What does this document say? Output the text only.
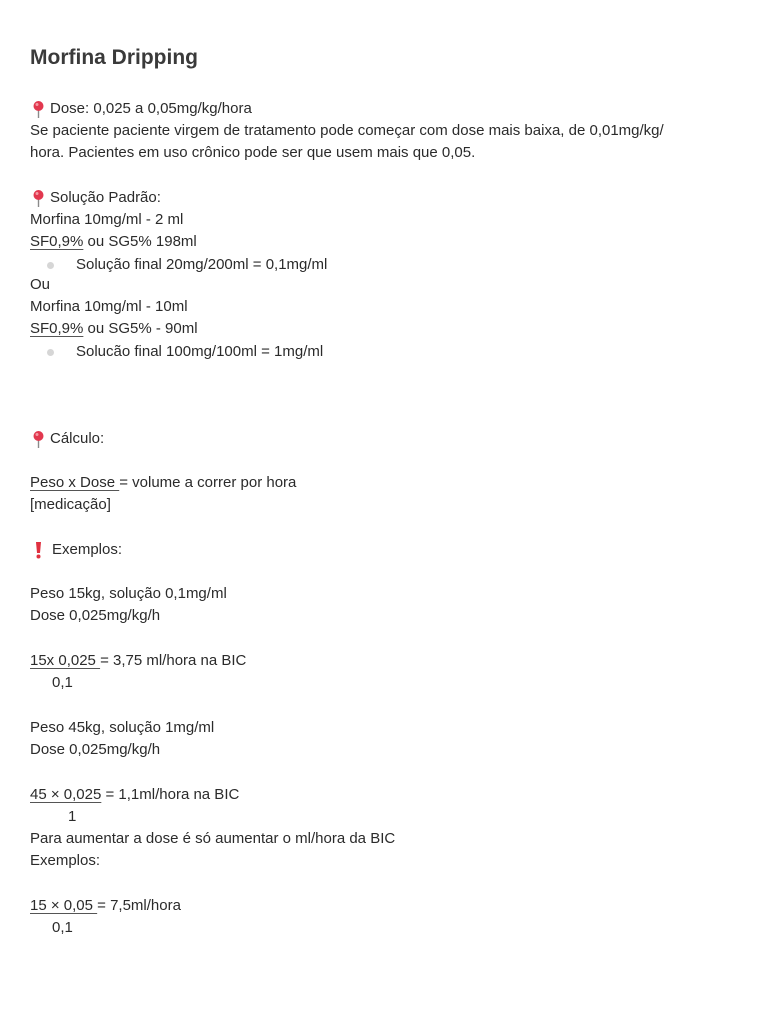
Morfina Dripping
Dose: 0,025 a 0,05mg/kg/hora
Se paciente paciente virgem de tratamento pode começar com dose mais baixa, de 0,01mg/kg/
hora. Pacientes em uso crônico pode ser que usem mais que 0,05.
Solução Padrão:
Morfina 10mg/ml - 2 ml
SF0,9% ou SG5% 198ml
Solução final 20mg/200ml = 0,1mg/ml
Ou
Morfina 10mg/ml - 10ml
SF0,9% ou SG5% - 90ml
Solucão final 100mg/100ml = 1mg/ml
Cálculo:
Peso x Dose = volume a correr por hora
[medicação]
Exemplos:
Peso 15kg, solução 0,1mg/ml
Dose 0,025mg/kg/h
15x 0,025 = 3,75 ml/hora na BIC
0,1
Peso 45kg, solução 1mg/ml
Dose 0,025mg/kg/h
45 × 0,025 = 1,1ml/hora na BIC
1
Para aumentar a dose é só aumentar o ml/hora da BIC
Exemplos:
15 × 0,05 = 7,5ml/hora
0,1
